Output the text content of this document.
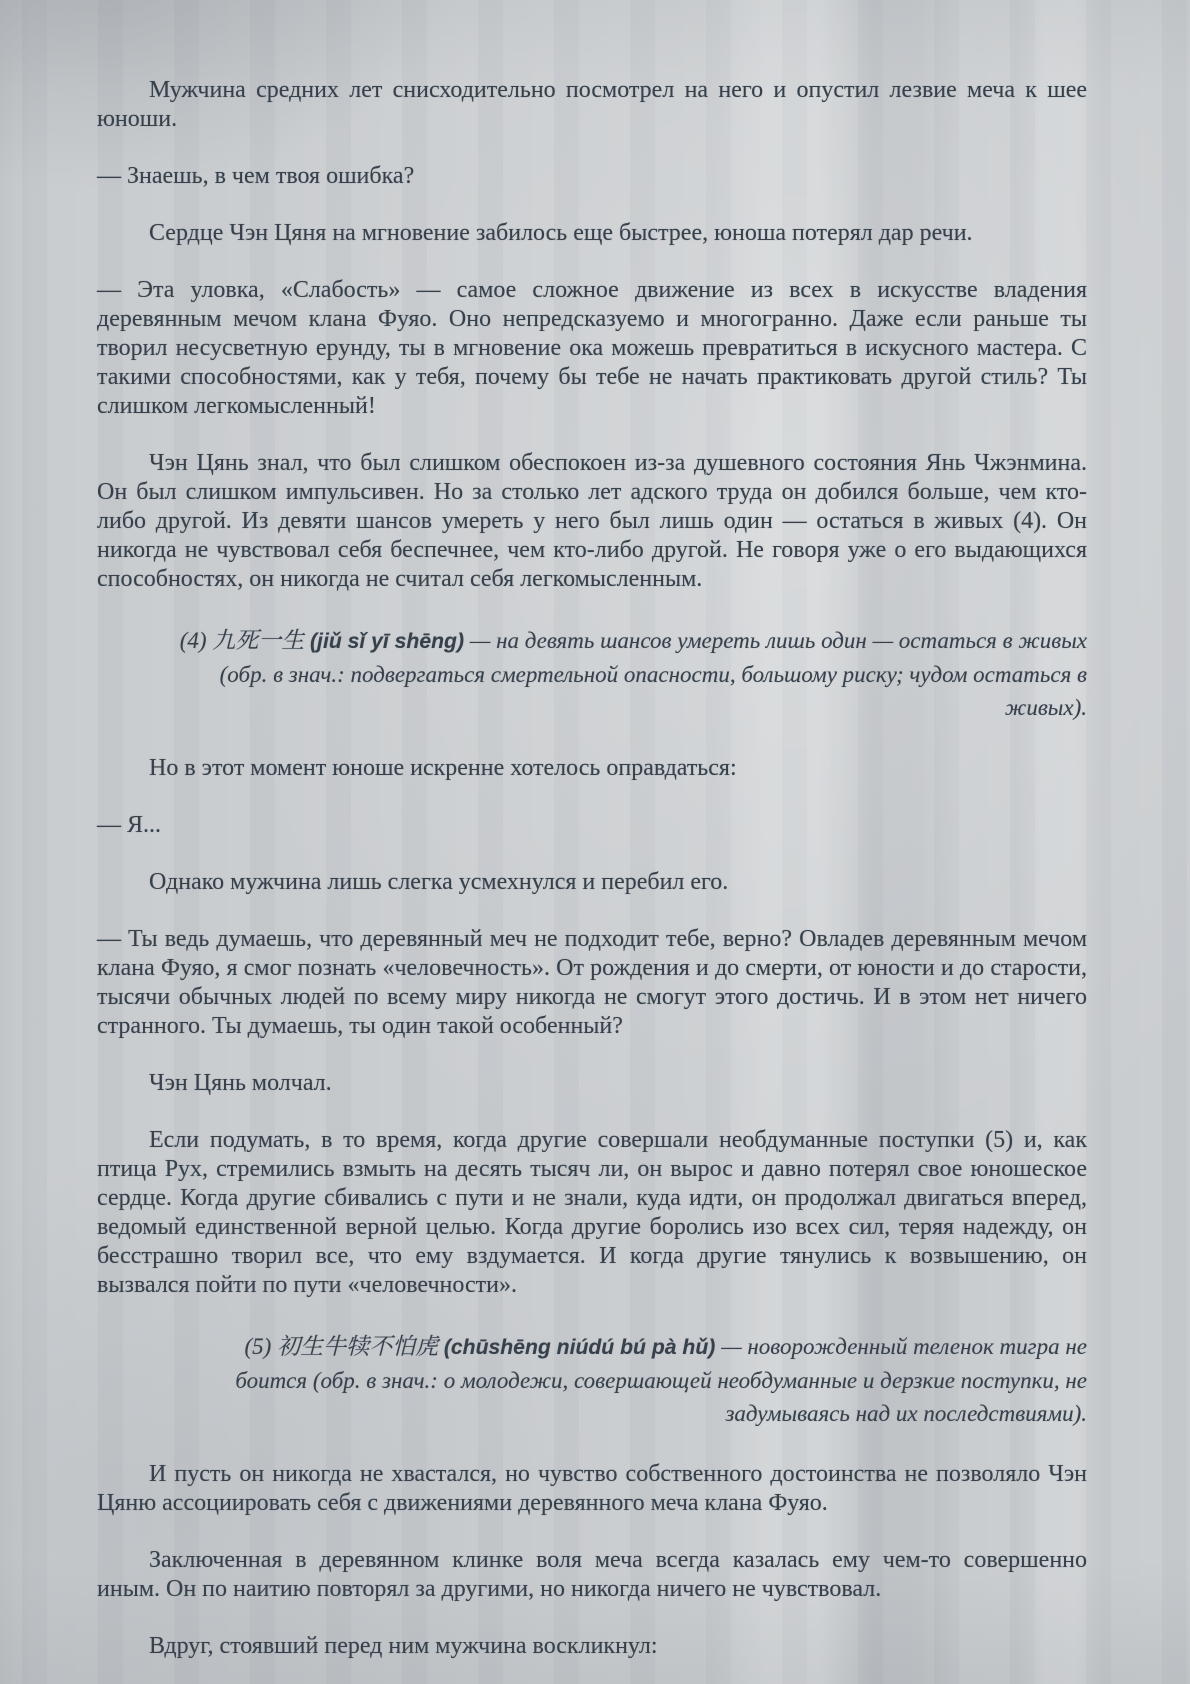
Мужчина средних лет снисходительно посмотрел на него и опустил лезвие меча к шее юноши.

— Знаешь, в чем твоя ошибка?

Сердце Чэн Цяня на мгновение забилось еще быстрее, юноша потерял дар речи.

— Эта уловка, «Слабость» — самое сложное движение из всех в искусстве владения деревянным мечом клана Фуяо. Оно непредсказуемо и многогранно. Даже если раньше ты творил несусветную ерунду, ты в мгновение ока можешь превратиться в искусного мастера. С такими способностями, как у тебя, почему бы тебе не начать практиковать другой стиль? Ты слишком легкомысленный!

Чэн Цянь знал, что был слишком обеспокоен из-за душевного состояния Янь Чжэнмина. Он был слишком импульсивен. Но за столько лет адского труда он добился больше, чем кто-либо другой. Из девяти шансов умереть у него был лишь один — остаться в живых (4). Он никогда не чувствовал себя беспечнее, чем кто-либо другой. Не говоря уже о его выдающихся способностях, он никогда не считал себя легкомысленным.

(4) 九死一生 (jiǔ sǐ yī shēng) — на девять шансов умереть лишь один — остаться в живых (обр. в знач.: подвергаться смертельной опасности, большому риску; чудом остаться в живых).

Но в этот момент юноше искренне хотелось оправдаться:

— Я...

Однако мужчина лишь слегка усмехнулся и перебил его.

— Ты ведь думаешь, что деревянный меч не подходит тебе, верно? Овладев деревянным мечом клана Фуяо, я смог познать «человечность». От рождения и до смерти, от юности и до старости, тысячи обычных людей по всему миру никогда не смогут этого достичь. И в этом нет ничего странного. Ты думаешь, ты один такой особенный?

Чэн Цянь молчал.

Если подумать, в то время, когда другие совершали необдуманные поступки (5) и, как птица Рух, стремились взмыть на десять тысяч ли, он вырос и давно потерял свое юношеское сердце. Когда другие сбивались с пути и не знали, куда идти, он продолжал двигаться вперед, ведомый единственной верной целью. Когда другие боролись изо всех сил, теряя надежду, он бесстрашно творил все, что ему вздумается. И когда другие тянулись к возвышению, он вызвался пойти по пути «человечности».

(5) 初生牛犊不怕虎 (chūshēng niúdú bú pà hǔ) — новорожденный теленок тигра не боится (обр. в знач.: о молодежи, совершающей необдуманные и дерзкие поступки, не задумываясь над их последствиями).

И пусть он никогда не хвастался, но чувство собственного достоинства не позволяло Чэн Цяню ассоциировать себя с движениями деревянного меча клана Фуяо.

Заключенная в деревянном клинке воля меча всегда казалась ему чем-то совершенно иным. Он по наитию повторял за другими, но никогда ничего не чувствовал.

Вдруг, стоявший перед ним мужчина воскликнул:
